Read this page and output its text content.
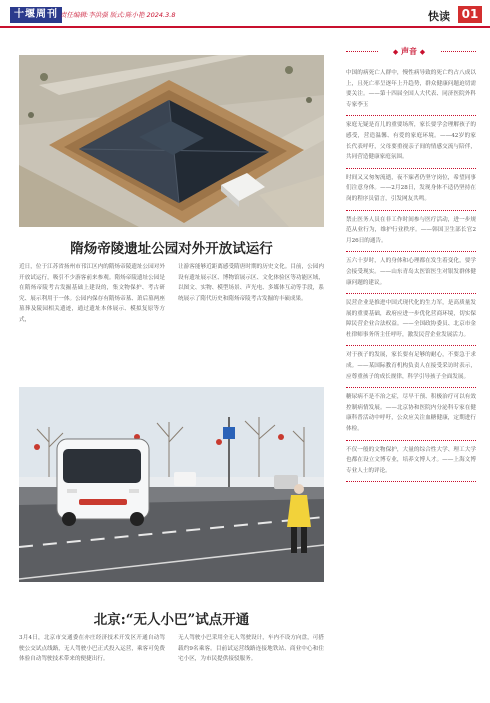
十堰周刊 责任编辑:李洪强 版式:陈小艳 2024.3.8	快读 01
隋炀帝陵遗址公园对外开放试运行
近日，位于江苏省扬州市邗江区内的隋炀帝陵遗址公园对外开放试运行，吸引不少游客前来参观。隋炀帝陵遗址公园是在隋炀帝陵考古发掘基础上建设的，集文物保护、考古研究、展示利用于一体。公园内保存有隋炀帝墓、萧后墓两座墓葬及陵园相关遗迹，通过遗址本体展示、模拟复原等方式，
让游客能够近距离感受隋唐时期的历史文化。目前，公园内设有遗址展示区、博物馆展示区、文化体验区等功能区域，以图文、实物、模型场景、声光电、多媒体互动等手段，系统展示了隋代历史和隋炀帝陵考古发掘的丰硕成果。
北京:“无人小巴”试点开通
3月4日，北京市交通委在亦庄经济技术开发区开通自动驾驶公交试点线路，无人驾驶小巴正式投入运营，乘客可免费体验自动驾驶技术带来的便捷出行。
无人驾驶小巴采用全无人驾驶设计，车内不设方向盘，可搭载约9名乘客。目前试运营线路连接地铁站、商业中心和住宅小区，为市民提供接驳服务。
◆ 声音 ◆

中国的病死亡人群中，慢性病导致的死亡约占八成以上，且死亡率呈逐年上升趋势，群众健康问题迫切需要关注。——第十四届全国人大代表、同济医院外科专家李玉

家庭无疑是育儿的重要场所，家长要学会理解孩子的感受，营造温馨、有爱的家庭环境。——42岁的家长代表呼吁，父母要重视亲子间的情感交流与陪伴，共同营造健康家庭氛围。

时间又又匆匆流逝，夜不寐者仍坚守岗位，希望同事们注意身体。——2月28日，发现身体不适仍坚持在岗的程序员留言，引发网友共鸣。

禁止医务人员在非工作时间参与医疗活动，进一步规范从业行为，维护行业秩序。——韩国卫生部长官2月26日的通告。

五六十岁时，人的身体和心理都在发生着变化，要学会接受现实。——山东青岛太医馆医生对银发群体健康问题的建议。

民营企业是推进中国式现代化的生力军，是高质量发展的重要基础，政府应进一步优化营商环境，切实保障民营企业合法权益。——全国政协委员、北京市金杜律师事务所主任呼吁，激发民营企业发展活力。

对于孩子的发展，家长要有足够的耐心，不要急于求成。——某国际教育机构负责人在接受采访时表示，应尊重孩子的成长规律，科学引导孩子全面发展。

糖尿病不是不治之症，尽早干预、积极治疗可以有效控制病情发展。——北京协和医院内分泌科专家在健康科普活动中呼吁，公众应关注血糖健康，定期进行体检。

不仅一般的文物保护，大量的综合性大学、理工大学也都在设立文博专业，培养文博人才。——上海文博专业人士的评论。
